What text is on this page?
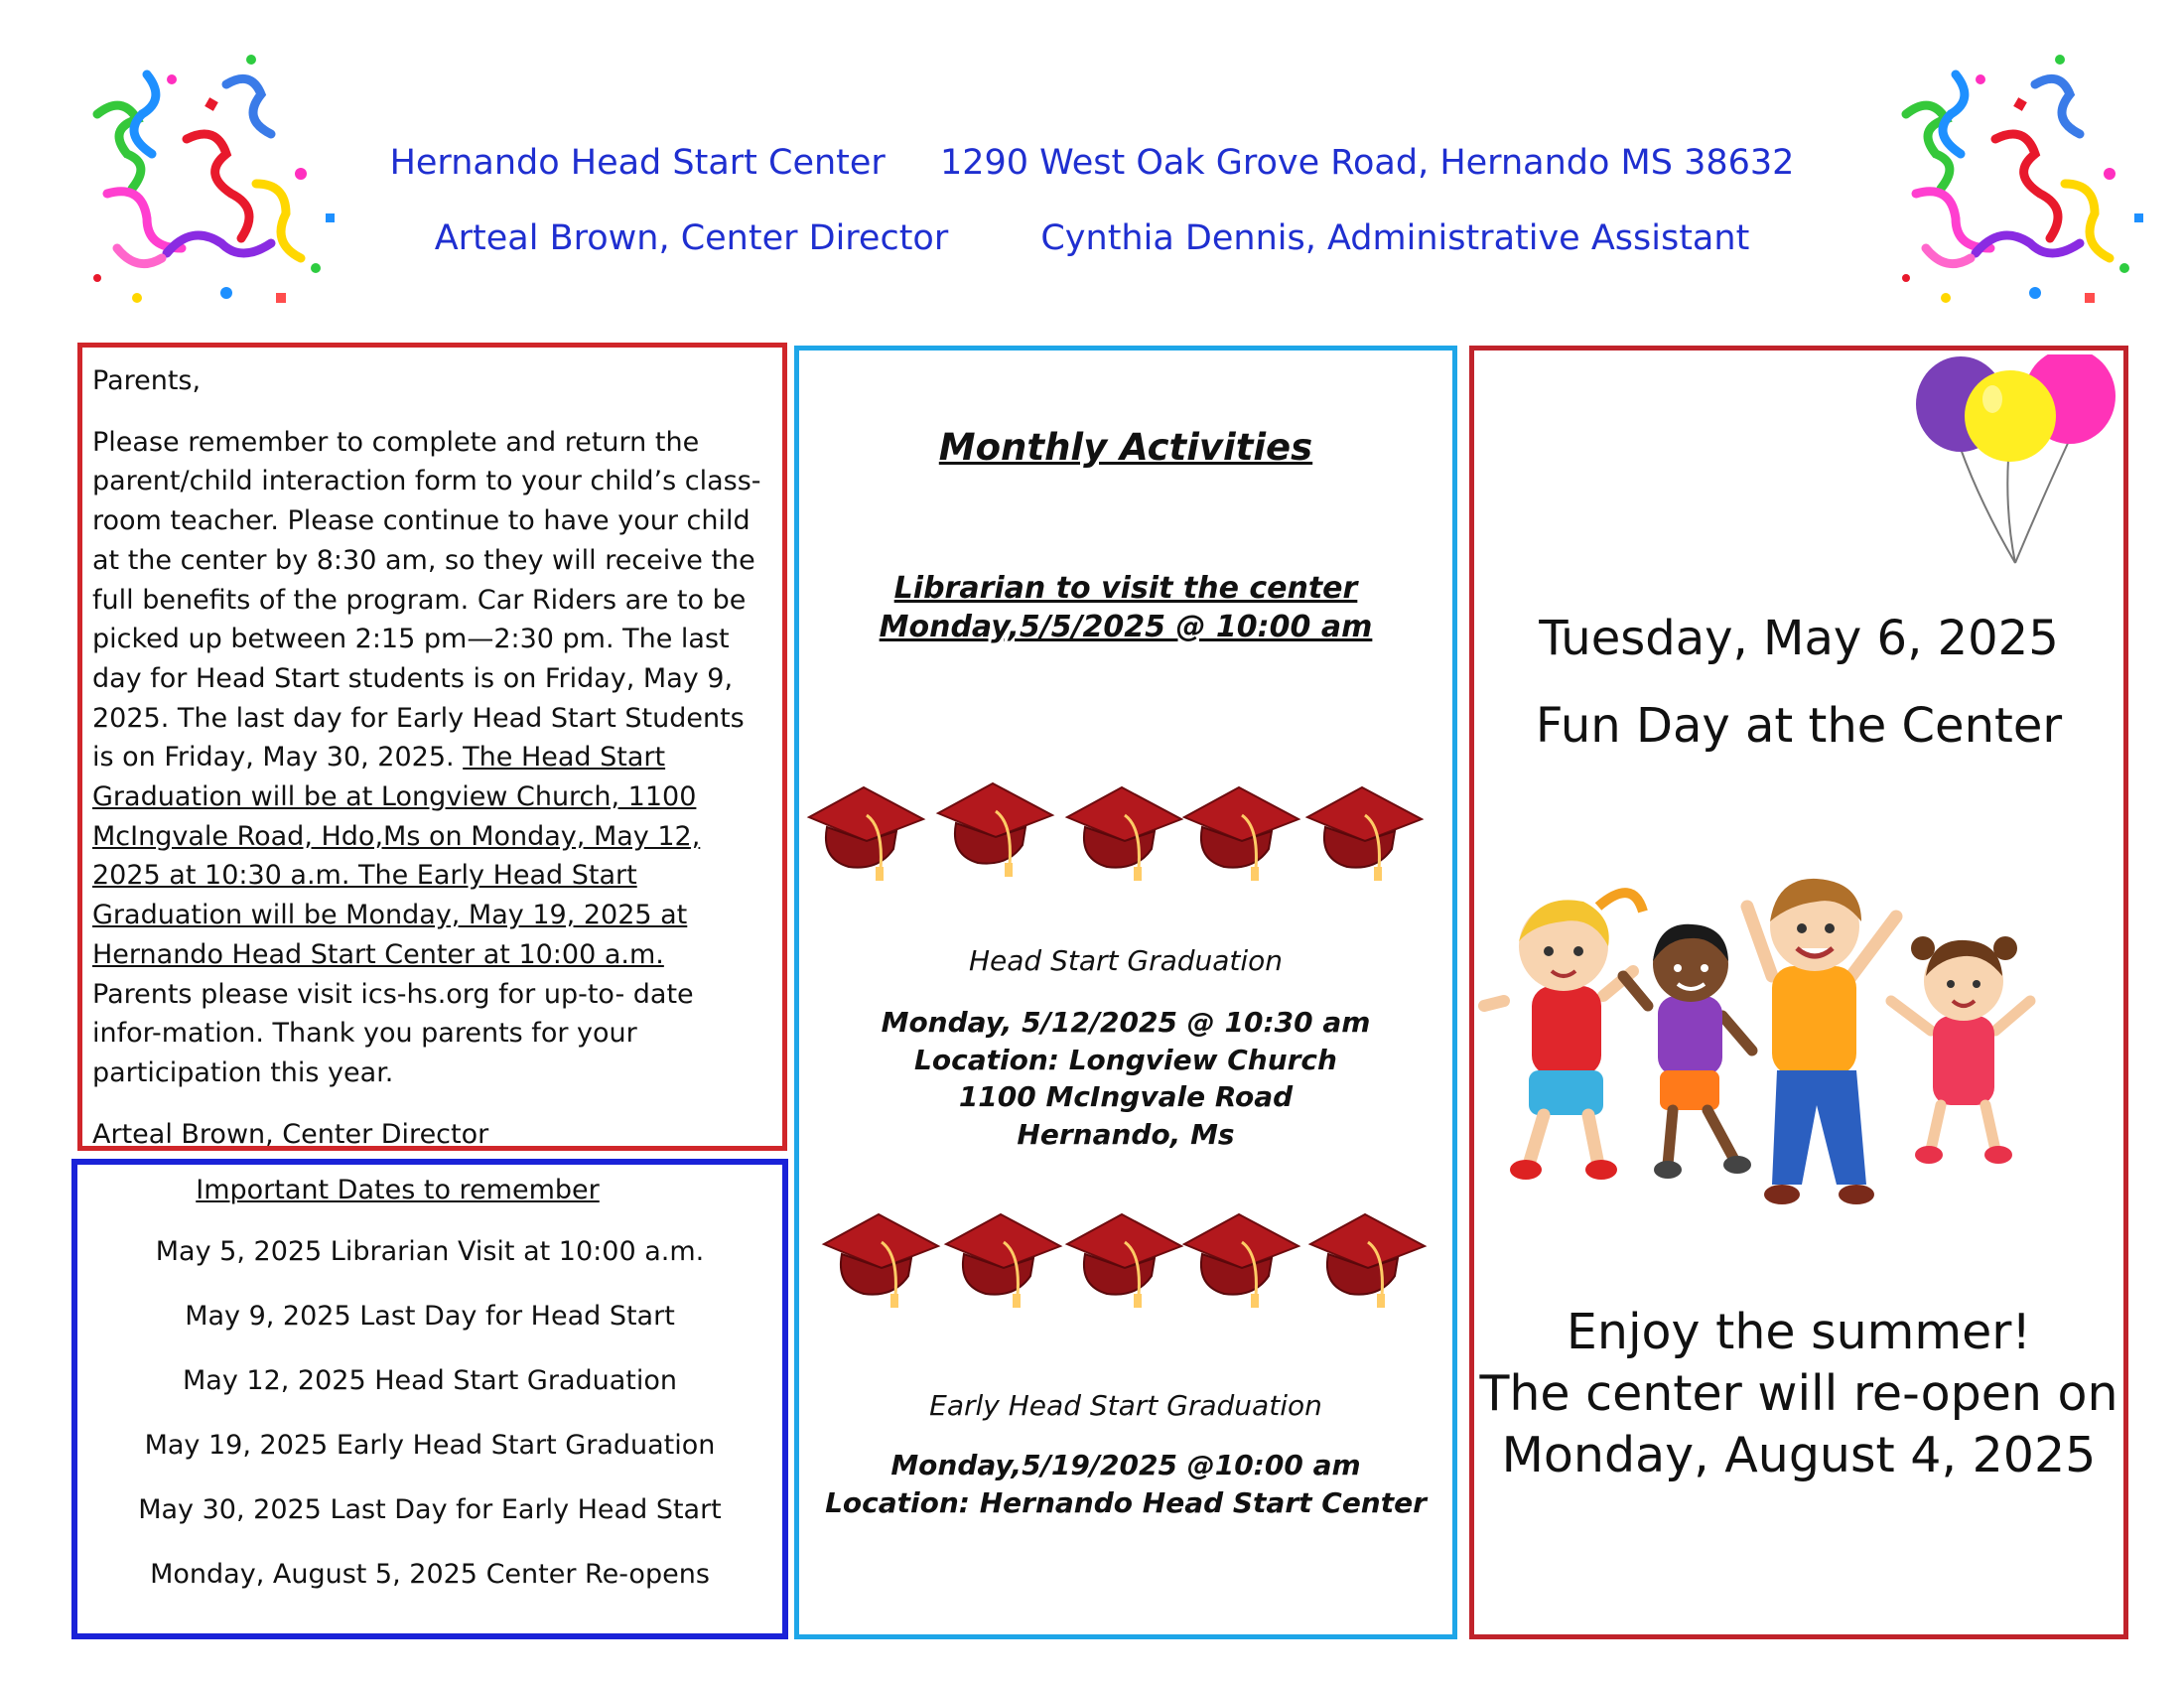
Hernando Head Start Center 1290 West Oak Grove Road, Hernando MS 38632
Arteal Brown, Center Director	Cynthia Dennis, Administrative Assistant

Parents,

Please remember to complete and return the parent/child interaction form to your child’s class-room teacher. Please continue to have your child at the center by 8:30 am, so they will receive the full benefits of the program. Car Riders are to be picked up between 2:15 pm—2:30 pm. The last day for Head Start students is on Friday, May 9, 2025. The last day for Early Head Start Students is on Friday, May 30, 2025. The Head Start Graduation will be at Longview Church, 1100 McIngvale Road, Hdo,Ms on Monday, May 12, 2025 at 10:30 a.m. The Early Head Start Graduation will be Monday, May 19, 2025 at Hernando Head Start Center at 10:00 a.m. Parents please visit ics-hs.org for up-to- date infor-mation. Thank you parents for your participation this year.

Arteal Brown, Center Director

Important Dates to remember
May 5, 2025 Librarian Visit at 10:00 a.m.
May 9, 2025 Last Day for Head Start
May 12, 2025 Head Start Graduation
May 19, 2025 Early Head Start Graduation
May 30, 2025 Last Day for Early Head Start
Monday, August 5, 2025 Center Re-opens
Monthly Activities
Librarian to visit the center
Monday,5/5/2025 @ 10:00 am
Head Start Graduation
Monday, 5/12/2025 @ 10:30 am
Location: Longview Church
1100 McIngvale Road
Hernando, Ms
Early Head Start Graduation
Monday,5/19/2025 @10:00 am
Location: Hernando Head Start Center
Tuesday, May 6, 2025
Fun Day at the Center
Enjoy the summer!
The center will re-open on
Monday, August 4, 2025
